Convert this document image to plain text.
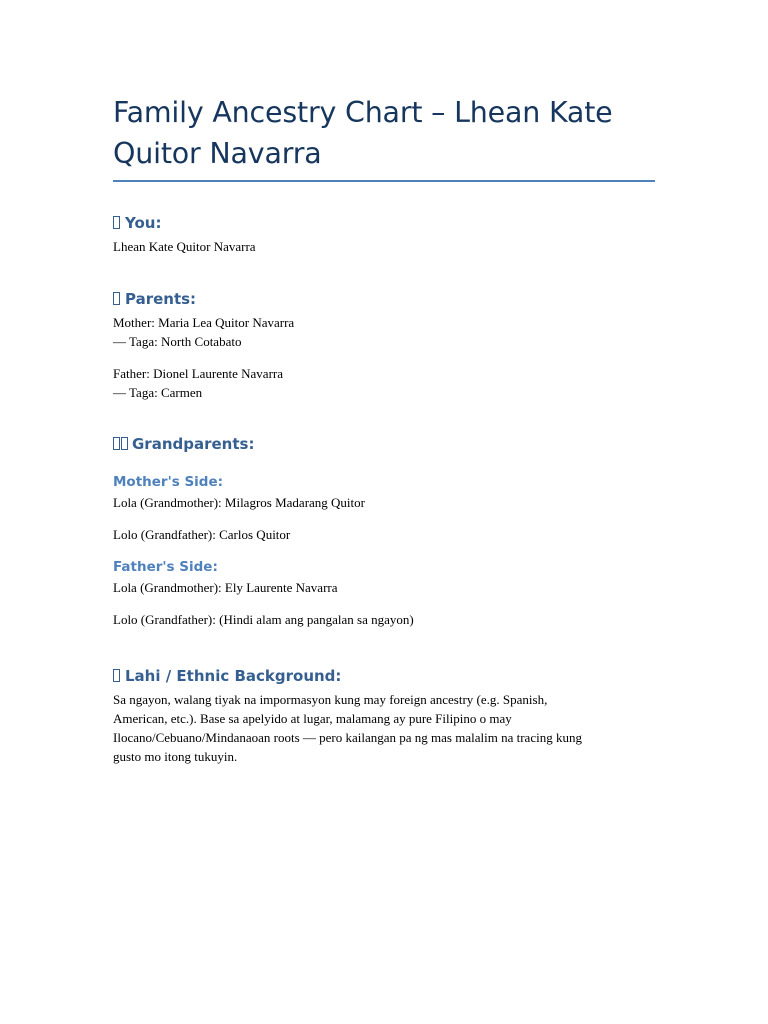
Family Ancestry Chart – Lhean Kate Quitor Navarra
You:

Lhean Kate Quitor Navarra

Parents:

Mother: Maria Lea Quitor Navarra

— Taga: North Cotabato

Father: Dionel Laurente Navarra

— Taga: Carmen

Grandparents:
Mother's Side:

Lola (Grandmother): Milagros Madarang Quitor

Lolo (Grandfather): Carlos Quitor

Father's Side:

Lola (Grandmother): Ely Laurente Navarra

Lolo (Grandfather): (Hindi alam ang pangalan sa ngayon)

Lahi / Ethnic Background:

Sa ngayon, walang tiyak na impormasyon kung may foreign ancestry (e.g. Spanish,

American, etc.). Base sa apelyido at lugar, malamang ay pure Filipino o may

Ilocano/Cebuano/Mindanaoan roots — pero kailangan pa ng mas malalim na tracing kung

gusto mo itong tukuyin.
